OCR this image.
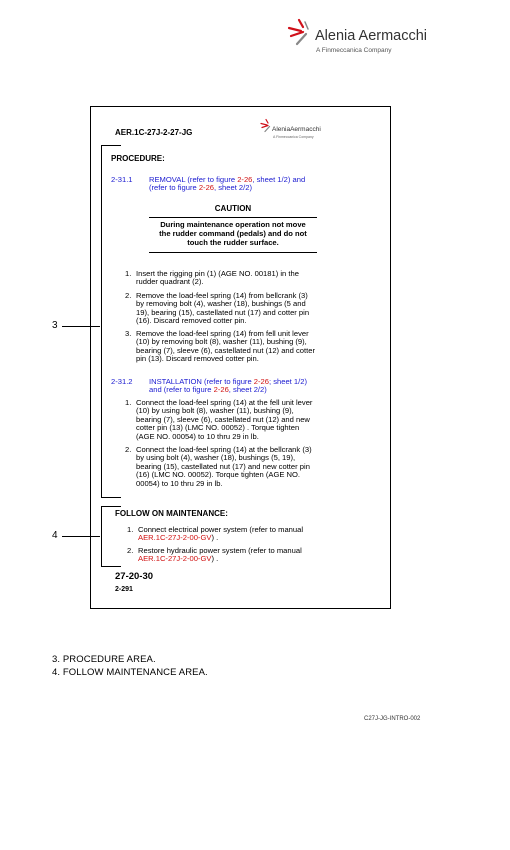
Alenia Aermacchi
A Finmeccanica Company
AER.1C-27J-2-27-JG	AleniaAermacchi
A Finmeccanica Company
PROCEDURE:
2-31.1 REMOVAL (refer to figure 2-26, sheet 1/2) and
(refer to figure 2-26, sheet 2/2)
CAUTION
During maintenance operation not move
the rudder command (pedals) and do not
touch the rudder surface.
1. Insert the rigging pin (1) (AGE NO. 00181) in the
rudder quadrant (2).
2. Remove the load-feel spring (14) from bellcrank (3)
by removing bolt (4), washer (18), bushings (5 and
19), bearing (15), castellated nut (17) and cotter pin
(16). Discard removed cotter pin.
3. Remove the load-feel spring (14) from fell unit lever
(10) by removing bolt (8), washer (11), bushing (9),
bearing (7), sleeve (6), castellated nut (12) and cotter
pin (13). Discard removed cotter pin.
2-31.2 INSTALLATION (refer to figure 2-26; sheet 1/2)
and (refer to figure 2-26, sheet 2/2)
1. Connect the load-feel spring (14) at the fell unit lever
(10) by using bolt (8), washer (11), bushing (9),
bearing (7), sleeve (6), castellated nut (12) and new
cotter pin (13) (LMC NO. 00052) . Torque tighten
(AGE NO. 00054) to 10 thru 29 in lb.
2. Connect the load-feel spring (14) at the bellcrank (3)
by using bolt (4), washer (18), bushings (5, 19),
bearing (15), castellated nut (17) and new cotter pin
(16) (LMC NO. 00052). Torque tighten (AGE NO.
00054) to 10 thru 29 in lb.
FOLLOW ON MAINTENANCE:
1. Connect electrical power system (refer to manual
AER.1C-27J-2-00-GV) .
2. Restore hydraulic power system (refer to manual
AER.1C-27J-2-00-GV) .
27-20-30
2-291
3
4
3. PROCEDURE AREA.
4. FOLLOW MAINTENANCE AREA.
C27J-JG-INTRO-002
